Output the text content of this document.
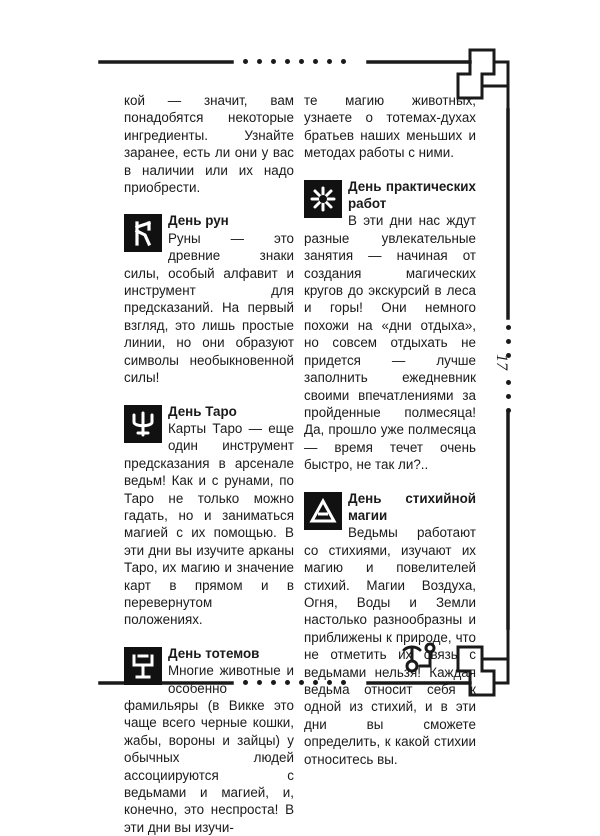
17

кой — значит, вам понадобятся некоторые ингредиенты. Узнайте заранее, есть ли они у вас в наличии или их надо приобрести.

День рун

Руны — это древние знаки силы, особый алфавит и инструмент для предсказаний. На первый взгляд, это лишь простые линии, но они образуют символы необыкновенной силы!

День Таро

Карты Таро — еще один инструмент предсказания в арсенале ведьм! Как и с рунами, по Таро не только можно гадать, но и заниматься магией с их помощью. В эти дни вы изучите арканы Таро, их магию и значение карт в прямом и в перевернутом положениях.

День тотемов

Многие животные и особенно фамильяры (в Викке это чаще всего черные кошки, жабы, вороны и зайцы) у обычных людей ассоциируются с ведьмами и магией, и, конечно, это неспроста! В эти дни вы изучи-

те магию животных, узнаете о тотемах-духах братьев наших меньших и методах работы с ними.

День практических работ

В эти дни нас ждут разные увлекательные занятия — начиная от создания магических кругов до экскурсий в леса и горы! Они немного похожи на «дни отдыха», но совсем отдыхать не придется — лучше заполнить ежедневник своими впечатлениями за пройденные полмесяца! Да, прошло уже полмесяца — время течет очень быстро, не так ли?..

День стихийной магии

Ведьмы работают со стихиями, изучают их магию и повелителей стихий. Магии Воздуха, Огня, Воды и Земли настолько разнообразны и приближены к природе, что не отметить их связь с ведьмами нельзя! Каждая ведьма относит себя к одной из стихий, и в эти дни вы сможете определить, к какой стихии относитесь вы.
